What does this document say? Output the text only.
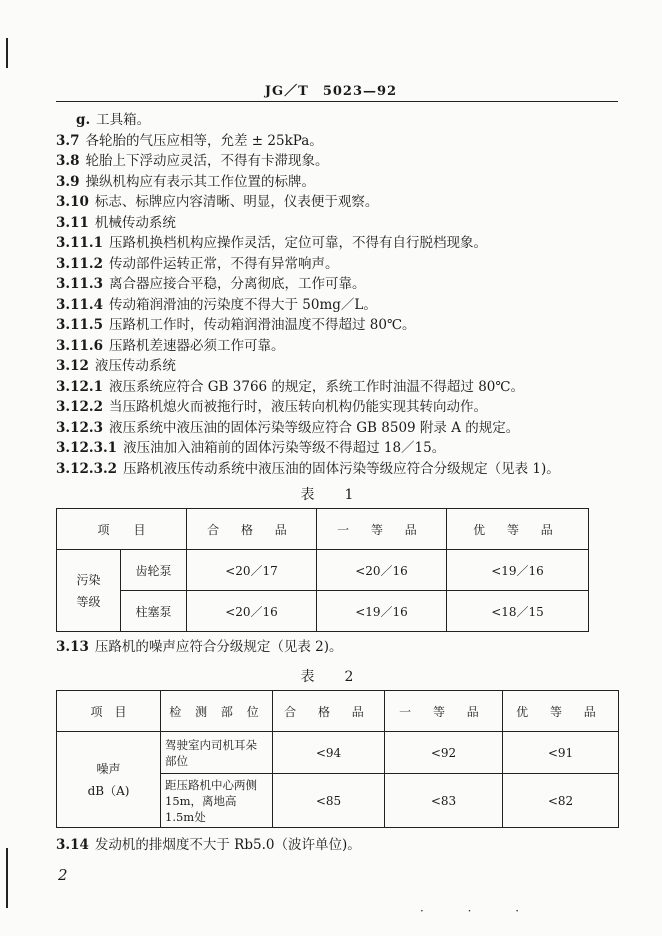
JG／T　5023—92
g. 工具箱。
3.7 各轮胎的气压应相等，允差 ± 25kPa。
3.8 轮胎上下浮动应灵活，不得有卡滞现象。
3.9 操纵机构应有表示其工作位置的标牌。
3.10 标志、标牌应内容清晰、明显，仪表便于观察。
3.11 机械传动系统
3.11.1 压路机换档机构应操作灵活，定位可靠，不得有自行脱档现象。
3.11.2 传动部件运转正常，不得有异常响声。
3.11.3 离合器应接合平稳，分离彻底，工作可靠。
3.11.4 传动箱润滑油的污染度不得大于 50mg／L。
3.11.5 压路机工作时，传动箱润滑油温度不得超过 80℃。
3.11.6 压路机差速器必须工作可靠。
3.12 液压传动系统
3.12.1 液压系统应符合 GB 3766 的规定，系统工作时油温不得超过 80℃。
3.12.2 当压路机熄火而被拖行时，液压转向机构仍能实现其转向动作。
3.12.3 液压系统中液压油的固体污染等级应符合 GB 8509 附录 A 的规定。
3.12.3.1 液压油加入油箱前的固体污染等级不得超过 18／15。
3.12.3.2 压路机液压传动系统中液压油的固体污染等级应符合分级规定（见表 1)。
表　1
项　　目		合 格 品	一 等 品	优 等 品
污染
等级	齿轮泵	<20／17	<20／16	<19／16
	柱塞泵	<20／16	<19／16	<18／15
3.13 压路机的噪声应符合分级规定（见表 2)。
表　2
项　目	检 测 部 位	合 格 品	一 等 品	优 等 品
噪声
dB（A)	驾驶室内司机耳朵部位	<94	<92	<91
	距压路机中心两侧15m，离地高 1.5m处	<85	<83	<82
3.14 发动机的排烟度不大于 Rb5.0（波许单位)。
2
· · ·
